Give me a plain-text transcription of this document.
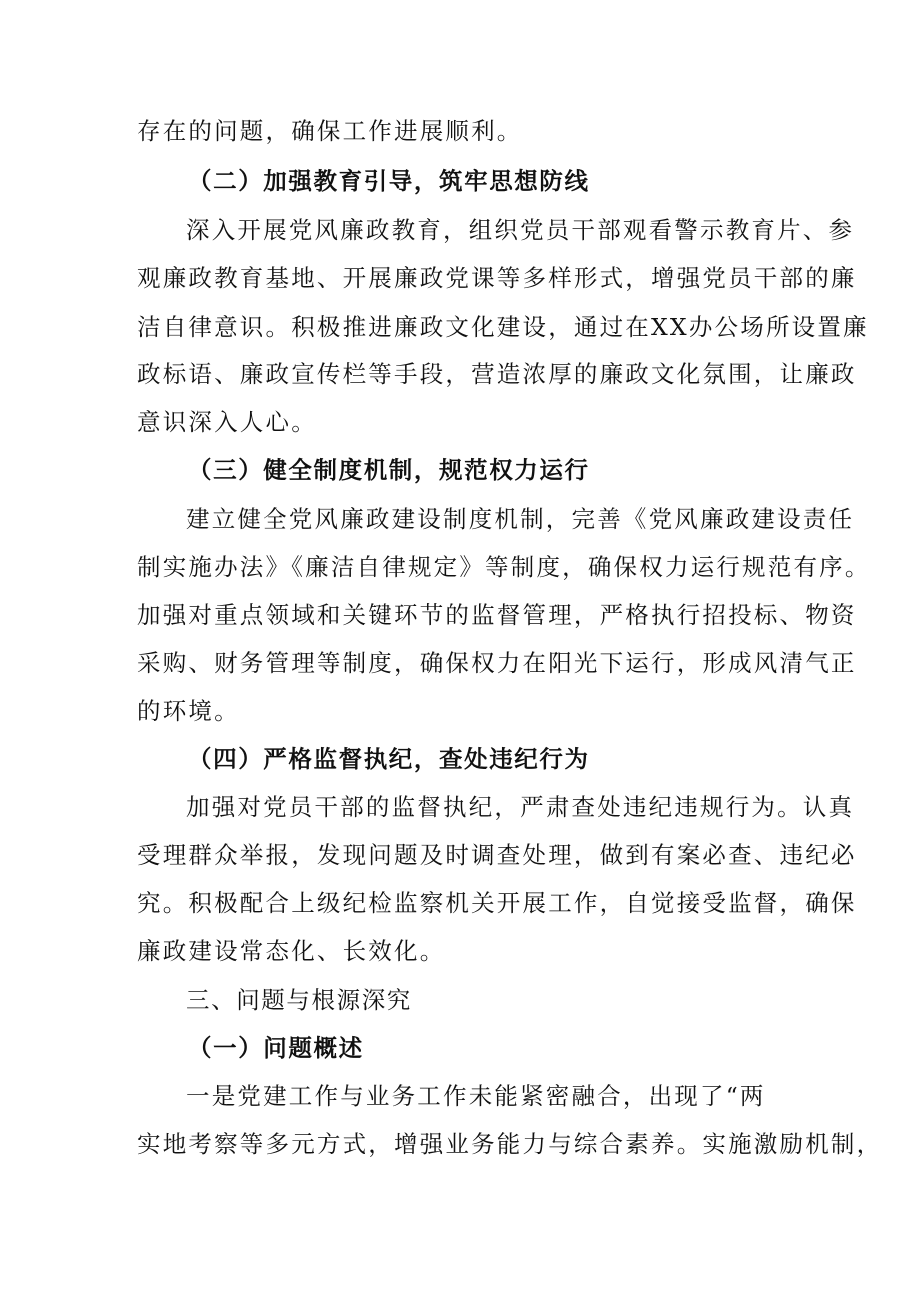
存在的问题，确保工作进展顺利。
（二）加强教育引导，筑牢思想防线
深入开展党风廉政教育，组织党员干部观看警示教育片、参
观廉政教育基地、开展廉政党课等多样形式，增强党员干部的廉
洁自律意识。积极推进廉政文化建设，通过在XX办公场所设置廉
政标语、廉政宣传栏等手段，营造浓厚的廉政文化氛围，让廉政
意识深入人心。
（三）健全制度机制，规范权力运行
建立健全党风廉政建设制度机制，完善《党风廉政建设责任
制实施办法》《廉洁自律规定》等制度，确保权力运行规范有序。
加强对重点领域和关键环节的监督管理，严格执行招投标、物资
采购、财务管理等制度，确保权力在阳光下运行，形成风清气正
的环境。
（四）严格监督执纪，查处违纪行为
加强对党员干部的监督执纪，严肃查处违纪违规行为。认真
受理群众举报，发现问题及时调查处理，做到有案必查、违纪必
究。积极配合上级纪检监察机关开展工作，自觉接受监督，确保
廉政建设常态化、长效化。
三、问题与根源深究
（一）问题概述
一是党建工作与业务工作未能紧密融合，出现了“两
实地考察等多元方式，增强业务能力与综合素养。实施激励机制，
